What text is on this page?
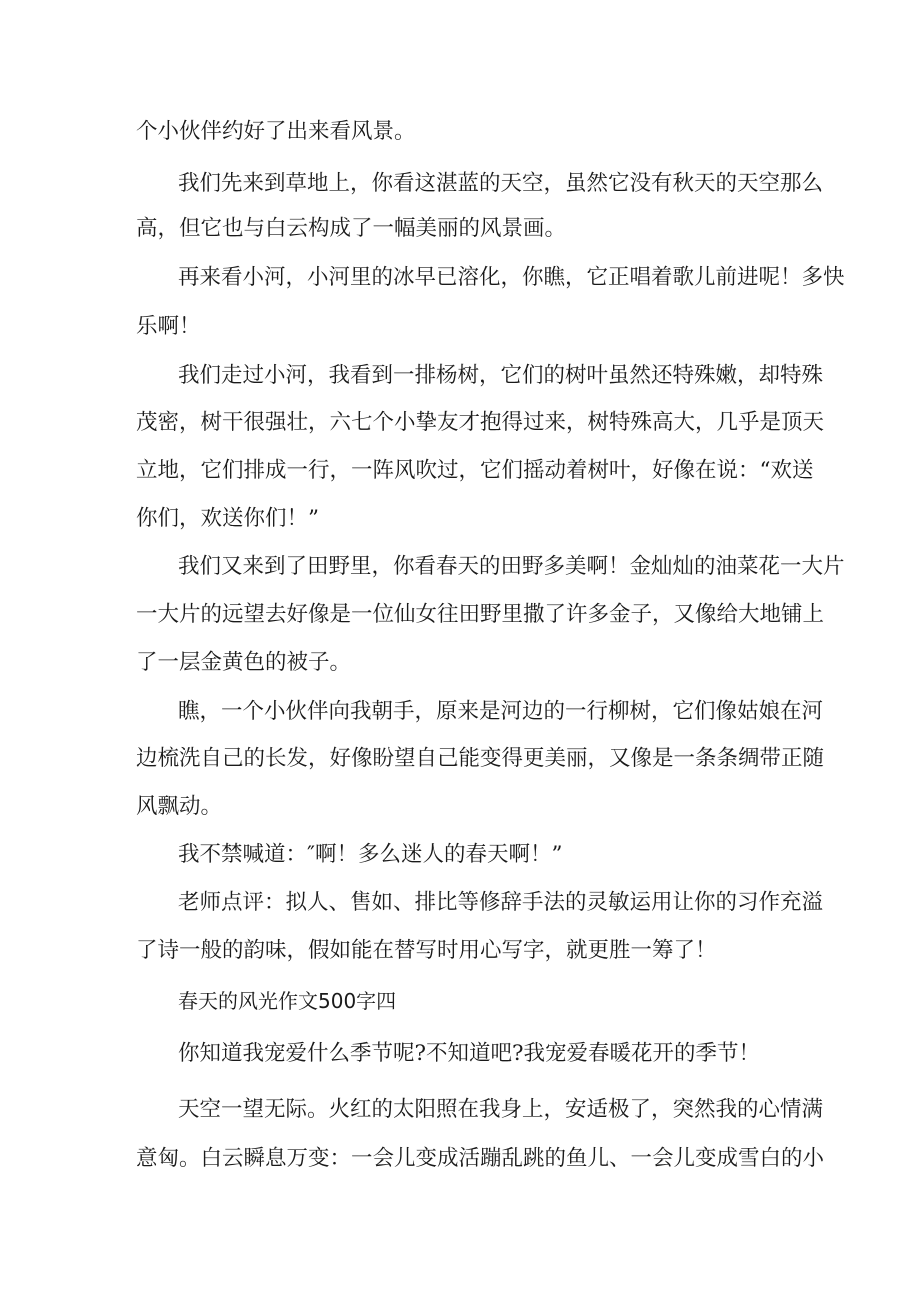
个小伙伴约好了出来看风景。

我们先来到草地上，你看这湛蓝的天空，虽然它没有秋天的天空那么

高，但它也与白云构成了一幅美丽的风景画。

再来看小河，小河里的冰早已溶化，你瞧，它正唱着歌儿前进呢！多快

乐啊！

我们走过小河，我看到一排杨树，它们的树叶虽然还特殊嫩，却特殊

茂密，树干很强壮，六七个小挚友才抱得过来，树特殊高大，几乎是顶天

立地，它们排成一行，一阵风吹过，它们摇动着树叶，好像在说：“欢送

你们，欢送你们！”

我们又来到了田野里，你看春天的田野多美啊！金灿灿的油菜花一大片

一大片的远望去好像是一位仙女往田野里撒了许多金子，又像给大地铺上

了一层金黄色的被子。

瞧，一个小伙伴向我朝手，原来是河边的一行柳树，它们像姑娘在河

边梳洗自己的长发，好像盼望自己能变得更美丽，又像是一条条绸带正随

风飘动。

我不禁喊道：″啊！多么迷人的春天啊！”

老师点评：拟人、售如、排比等修辞手法的灵敏运用让你的习作充溢

了诗一般的韵味，假如能在替写时用心写字，就更胜一筹了！

春天的风光作文500字四

你知道我宠爱什么季节呢?不知道吧?我宠爱春暖花开的季节！

天空一望无际。火红的太阳照在我身上，安适极了，突然我的心情满

意匈。白云瞬息万变：一会儿变成活蹦乱跳的鱼儿、一会儿变成雪白的小
